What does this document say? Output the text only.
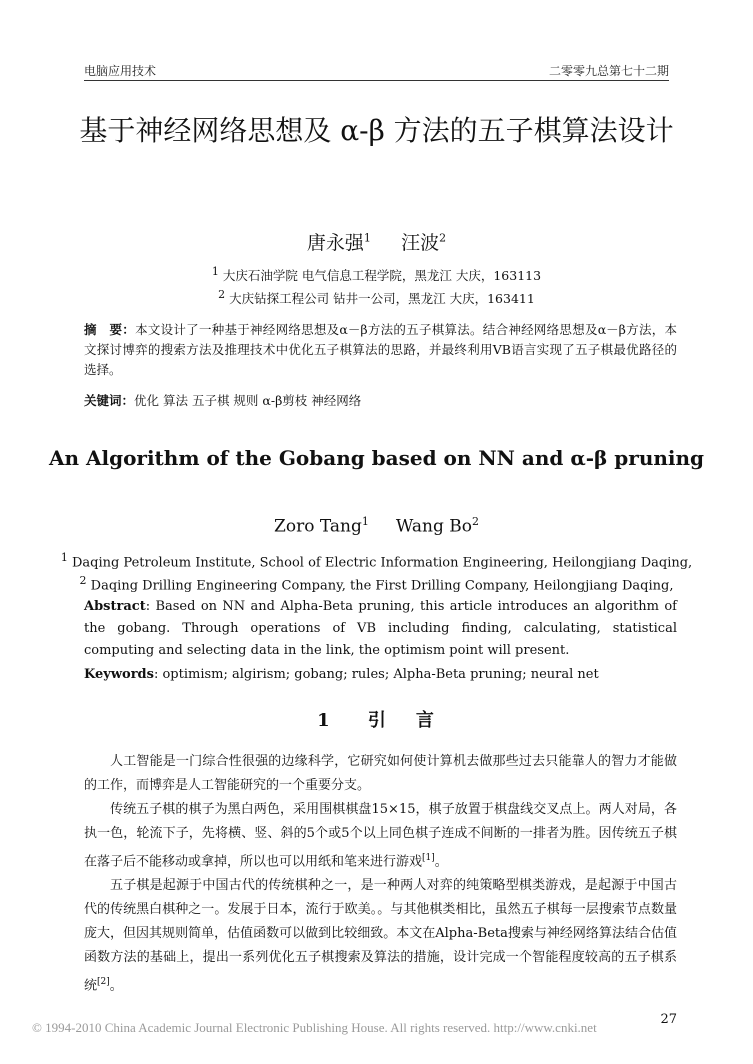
电脑应用技术	二零零九总第七十二期
基于神经网络思想及 α-β 方法的五子棋算法设计
唐永强$^1$ 汪波$^2$
1 大庆石油学院 电气信息工程学院，黑龙江 大庆，163113
2 大庆钻探工程公司 钻井一公司，黑龙江 大庆，163411
摘　要：本文设计了一种基于神经网络思想及α－β方法的五子棋算法。结合神经网络思想及α－β方法，本文探讨博弈的搜索方法及推理技术中优化五子棋算法的思路，并最终利用VB语言实现了五子棋最优路径的选择。
关键词：优化 算法 五子棋 规则 α-β剪枝 神经网络
An Algorithm of the Gobang based on NN and α-β pruning
Zoro Tang$^1$ Wang Bo$^2$
$^1$ Daqing Petroleum Institute, School of Electric Information Engineering, Heilongjiang Daqing,
$^2$ Daqing Drilling Engineering Company, the First Drilling Company, Heilongjiang Daqing,
Abstract: Based on NN and Alpha-Beta pruning, this article introduces an algorithm of the gobang. Through operations of VB including finding, calculating, statistical computing and selecting data in the link, the optimism point will present.
Keywords: optimism; algirism; gobang; rules; Alpha-Beta pruning; neural net
1 引 言

人工智能是一门综合性很强的边缘科学，它研究如何使计算机去做那些过去只能靠人的智力才能做的工作，而博弈是人工智能研究的一个重要分支。

传统五子棋的棋子为黑白两色，采用围棋棋盘15×15，棋子放置于棋盘线交叉点上。两人对局，各执一色，轮流下子，先将横、竖、斜的5个或5个以上同色棋子连成不间断的一排者为胜。因传统五子棋在落子后不能移动或拿掉，所以也可以用纸和笔来进行游戏[1]。

五子棋是起源于中国古代的传统棋种之一，是一种两人对弈的纯策略型棋类游戏，是起源于中国古代的传统黑白棋种之一。发展于日本，流行于欧美。。与其他棋类相比，虽然五子棋每一层搜索节点数量庞大，但因其规则简单，估值函数可以做到比较细致。本文在Alpha-Beta搜索与神经网络算法结合估值函数方法的基础上，提出一系列优化五子棋搜索及算法的措施，设计完成一个智能程度较高的五子棋系统[2]。

27
© 1994-2010 China Academic Journal Electronic Publishing House. All rights reserved. http://www.cnki.net
